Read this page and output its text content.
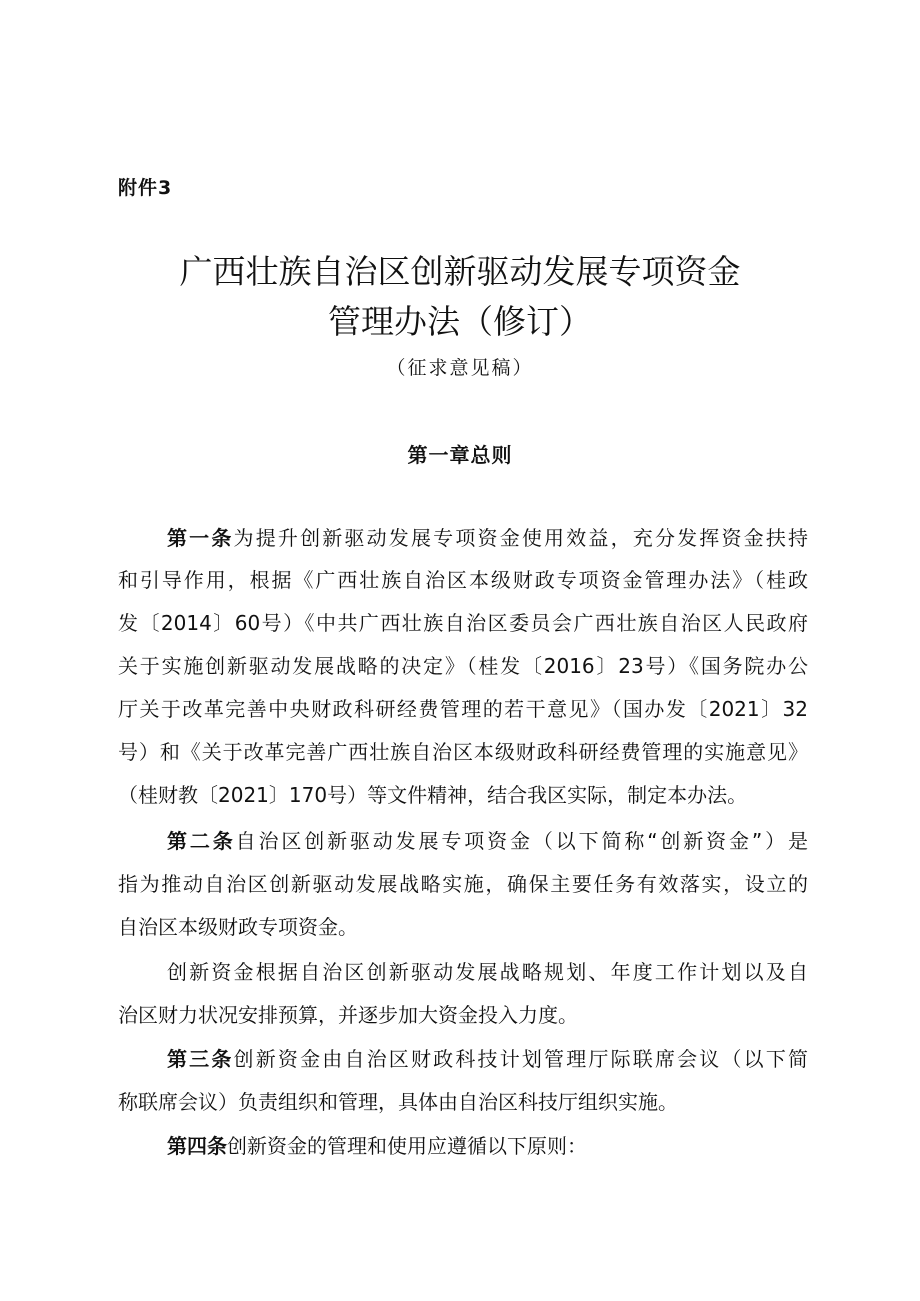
附件3
广西壮族自治区创新驱动发展专项资金
管理办法（修订）
（征求意见稿）
第一章总则
第一条为提升创新驱动发展专项资金使用效益，充分发挥资金扶持
和引导作用，根据《广西壮族自治区本级财政专项资金管理办法》（桂政
发〔2014〕60号）《中共广西壮族自治区委员会广西壮族自治区人民政府
关于实施创新驱动发展战略的决定》（桂发〔2016〕23号）《国务院办公
厅关于改革完善中央财政科研经费管理的若干意见》（国办发〔2021〕32
号）和《关于改革完善广西壮族自治区本级财政科研经费管理的实施意见》
（桂财教〔2021〕170号）等文件精神，结合我区实际，制定本办法。
第二条自治区创新驱动发展专项资金（以下简称“创新资金”）是
指为推动自治区创新驱动发展战略实施，确保主要任务有效落实，设立的
自治区本级财政专项资金。
创新资金根据自治区创新驱动发展战略规划、年度工作计划以及自
治区财力状况安排预算，并逐步加大资金投入力度。
第三条创新资金由自治区财政科技计划管理厅际联席会议（以下简
称联席会议）负责组织和管理，具体由自治区科技厅组织实施。
第四条创新资金的管理和使用应遵循以下原则：
